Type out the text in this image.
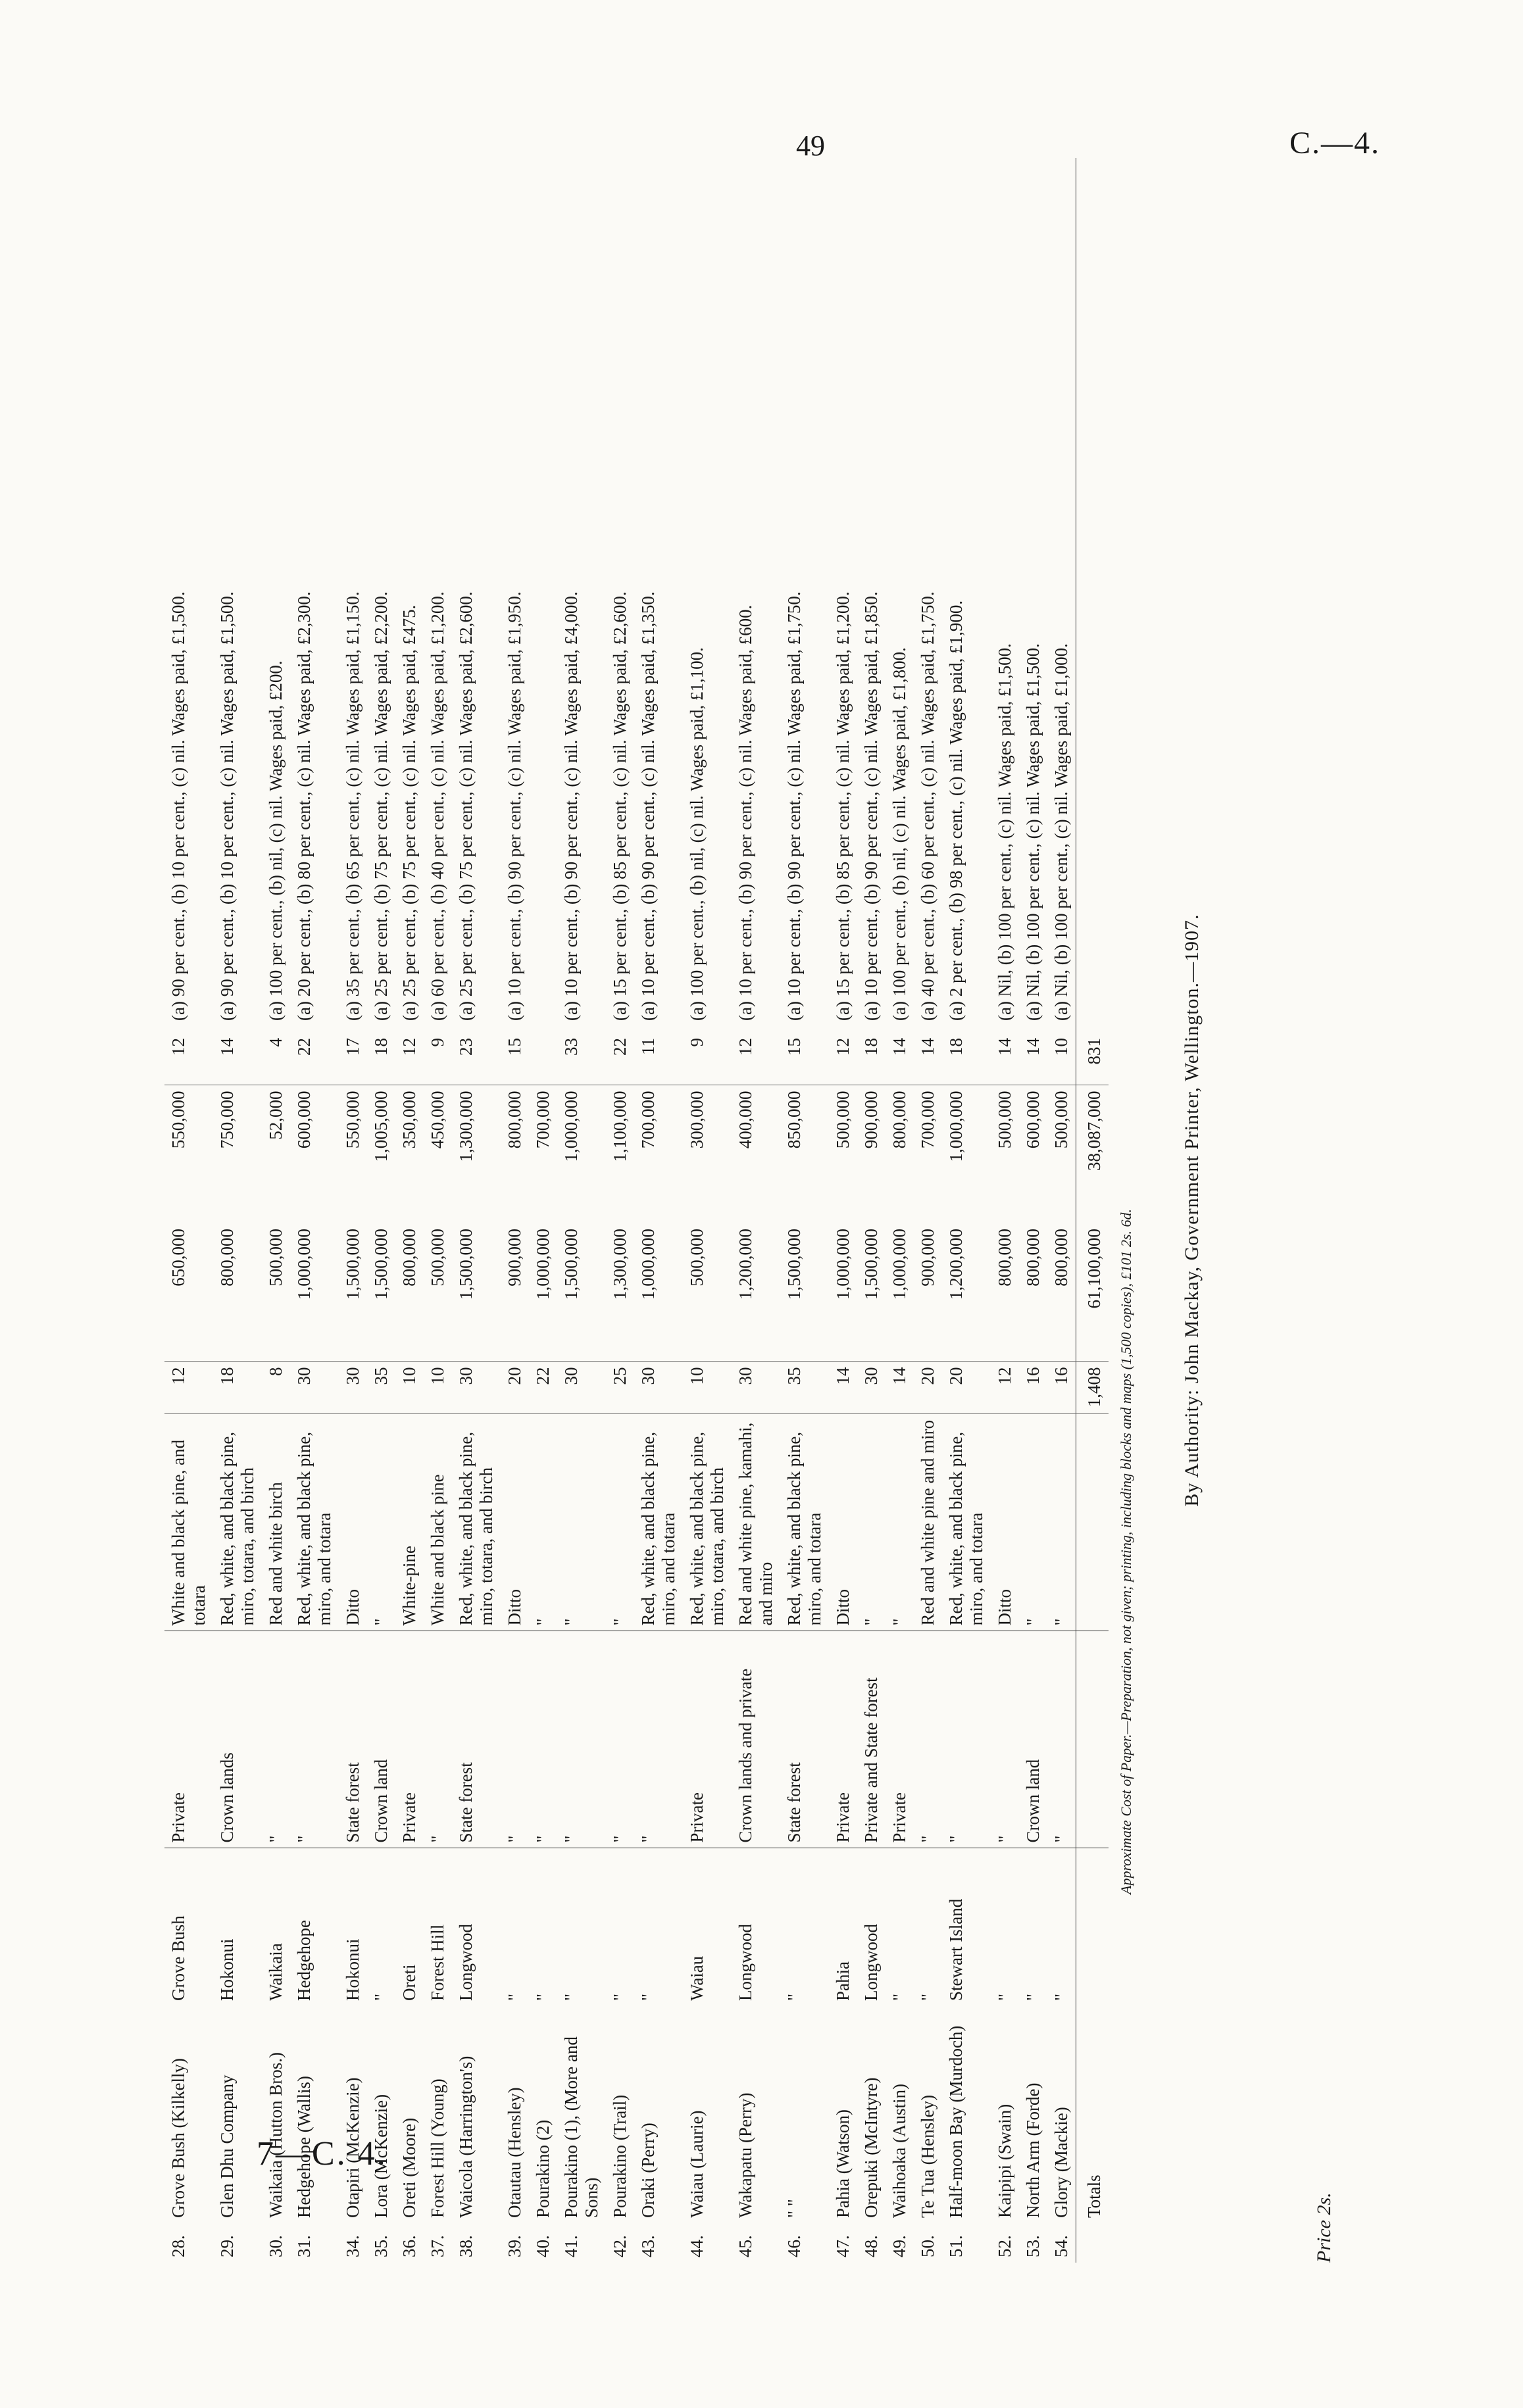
49	C.—4.
7—C. 4.
28.	Grove Bush (Kilkelly)	Grove Bush	Private	White and black pine, and totara	12	650,000	550,000	12	(a) 90 per cent., (b) 10 per cent., (c) nil. Wages paid, £1,500.
29.	Glen Dhu Company	Hokonui	Crown lands	Red, white, and black pine, miro, totara, and birch	18	800,000	750,000	14	(a) 90 per cent., (b) 10 per cent., (c) nil. Wages paid, £1,500.
30.	Waikaia (Hutton Bros.)	Waikaia	"	Red and white birch	8	500,000	52,000	4	(a) 100 per cent., (b) nil, (c) nil. Wages paid, £200.
31.	Hedgehope (Wallis)	Hedgehope	"	Red, white, and black pine, miro, and totara	30	1,000,000	600,000	22	(a) 20 per cent., (b) 80 per cent., (c) nil. Wages paid, £2,300.
34.	Otapiri (McKenzie)	Hokonui	State forest	Ditto	30	1,500,000	550,000	17	(a) 35 per cent., (b) 65 per cent., (c) nil. Wages paid, £1,150.
35.	Lora (McKenzie)	"	Crown land	"	35	1,500,000	1,005,000	18	(a) 25 per cent., (b) 75 per cent., (c) nil. Wages paid, £2,200.
36.	Oreti (Moore)	Oreti	Private	White-pine	10	800,000	350,000	12	(a) 25 per cent., (b) 75 per cent., (c) nil. Wages paid, £475.
37.	Forest Hill (Young)	Forest Hill	"	White and black pine	10	500,000	450,000	9	(a) 60 per cent., (b) 40 per cent., (c) nil. Wages paid, £1,200.
38.	Waicola (Harrington's)	Longwood	State forest	Red, white, and black pine, miro, totara, and birch	30	1,500,000	1,300,000	23	(a) 25 per cent., (b) 75 per cent., (c) nil. Wages paid, £2,600.
39.	Otautau (Hensley)	"	"	Ditto	20	900,000	800,000	15	(a) 10 per cent., (b) 90 per cent., (c) nil. Wages paid, £1,950.
40.	Pourakino (2)	"	"	"	22	1,000,000	700,000		
41.	Pourakino (1), (More and Sons)	"	"	"	30	1,500,000	1,000,000	33	(a) 10 per cent., (b) 90 per cent., (c) nil. Wages paid, £4,000.
42.	Pourakino (Trail)	"	"	"	25	1,300,000	1,100,000	22	(a) 15 per cent., (b) 85 per cent., (c) nil. Wages paid, £2,600.
43.	Oraki (Perry)	"	"	Red, white, and black pine, miro, and totara	30	1,000,000	700,000	11	(a) 10 per cent., (b) 90 per cent., (c) nil. Wages paid, £1,350.
44.	Waiau (Laurie)	Waiau	Private	Red, white, and black pine, miro, totara, and birch	10	500,000	300,000	9	(a) 100 per cent., (b) nil, (c) nil. Wages paid, £1,100.
45.	Wakapatu (Perry)	Longwood	Crown lands and private	Red and white pine, kamahi, and miro	30	1,200,000	400,000	12	(a) 10 per cent., (b) 90 per cent., (c) nil. Wages paid, £600.
46.	" "	"	State forest	Red, white, and black pine, miro, and totara	35	1,500,000	850,000	15	(a) 10 per cent., (b) 90 per cent., (c) nil. Wages paid, £1,750.
47.	Pahia (Watson)	Pahia	Private	Ditto	14	1,000,000	500,000	12	(a) 15 per cent., (b) 85 per cent., (c) nil. Wages paid, £1,200.
48.	Orepuki (McIntyre)	Longwood	Private and State forest	"	30	1,500,000	900,000	18	(a) 10 per cent., (b) 90 per cent., (c) nil. Wages paid, £1,850.
49.	Waihoaka (Austin)	"	Private	"	14	1,000,000	800,000	14	(a) 100 per cent., (b) nil, (c) nil. Wages paid, £1,800.
50.	Te Tua (Hensley)	"	"	Red and white pine and miro	20	900,000	700,000	14	(a) 40 per cent., (b) 60 per cent., (c) nil. Wages paid, £1,750.
51.	Half-moon Bay (Murdoch)	Stewart Island	"	Red, white, and black pine, miro, and totara	20	1,200,000	1,000,000	18	(a) 2 per cent., (b) 98 per cent., (c) nil. Wages paid, £1,900.
52.	Kaipipi (Swain)	"	"	Ditto	12	800,000	500,000	14	(a) Nil, (b) 100 per cent., (c) nil. Wages paid, £1,500.
53.	North Arm (Forde)	"	Crown land	"	16	800,000	600,000	14	(a) Nil, (b) 100 per cent., (c) nil. Wages paid, £1,500.
54.	Glory (Mackie)	"	"	"	16	800,000	500,000	10	(a) Nil, (b) 100 per cent., (c) nil. Wages paid, £1,000.
	Totals				1,408	61,100,000	38,087,000	831	
Approximate Cost of Paper.—Preparation, not given; printing, including blocks and maps (1,500 copies), £101 2s. 6d. By Authority: John Mackay, Government Printer, Wellington.—1907.
Price 2s.
